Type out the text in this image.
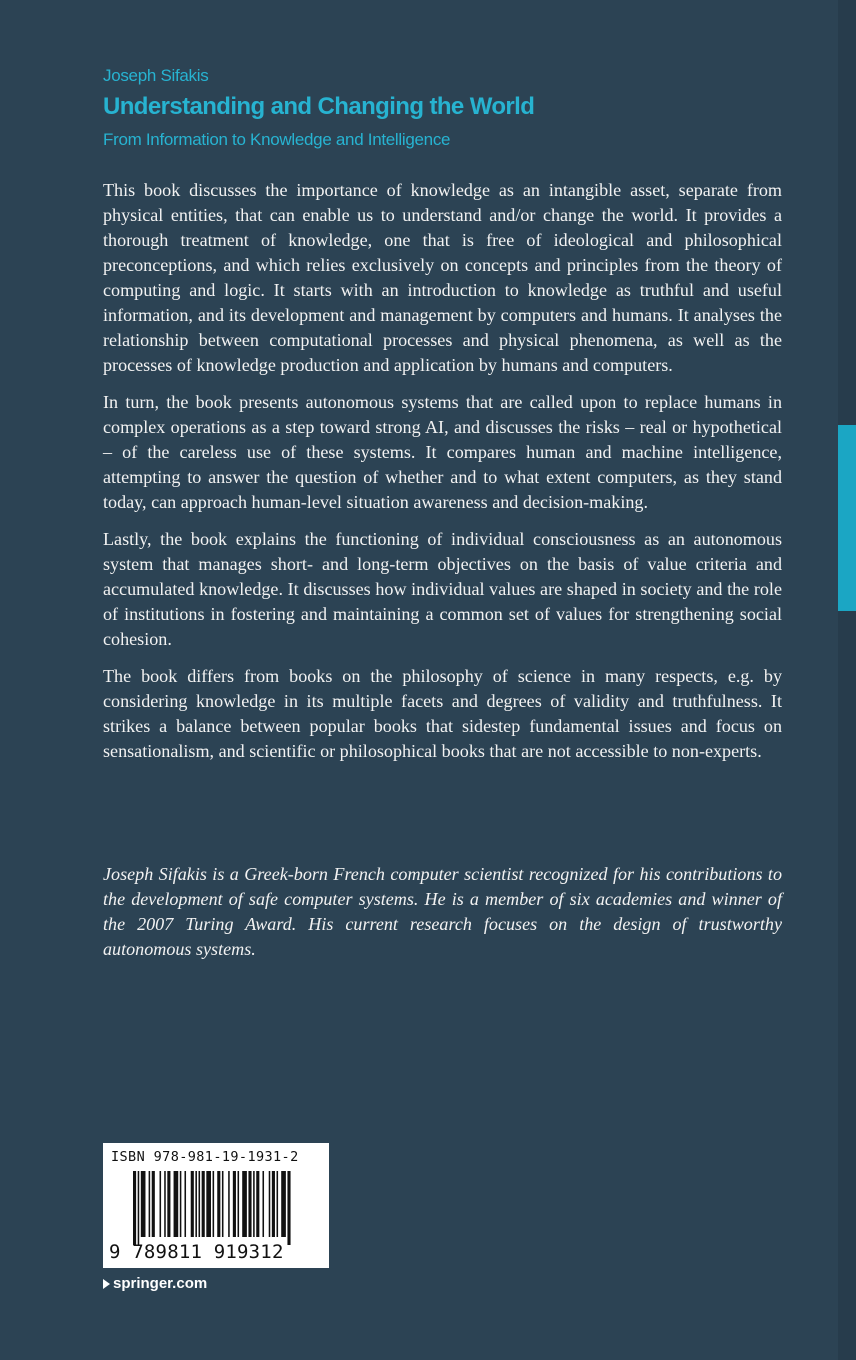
Joseph Sifakis
Understanding and Changing the World
From Information to Knowledge and Intelligence

This book discusses the importance of knowledge as an intangible asset, separate from physical entities, that can enable us to understand and/or change the world. It provides a thorough treatment of knowledge, one that is free of ideological and philosophical preconceptions, and which relies exclusively on concepts and principles from the theory of computing and logic. It starts with an introduction to knowledge as truthful and useful information, and its development and management by computers and humans. It analyses the relationship between computational processes and physical phenomena, as well as the processes of knowledge production and application by humans and computers.

In turn, the book presents autonomous systems that are called upon to replace humans in complex operations as a step toward strong AI, and discusses the risks – real or hypothetical – of the careless use of these systems. It compares human and machine intelligence, attempting to answer the question of whether and to what extent computers, as they stand today, can approach human-level situation awareness and decision-making.

Lastly, the book explains the functioning of individual consciousness as an autonomous system that manages short- and long-term objectives on the basis of value criteria and accumulated knowledge. It discusses how individual values are shaped in society and the role of institutions in fostering and maintaining a common set of values for strengthening social cohesion.

The book differs from books on the philosophy of science in many respects, e.g. by considering knowledge in its multiple facets and degrees of validity and truthfulness. It strikes a balance between popular books that sidestep fundamental issues and focus on sensationalism, and scientific or philosophical books that are not accessible to non-experts.

Joseph Sifakis is a Greek-born French computer scientist recognized for his contributions to the development of safe computer systems. He is a member of six academies and winner of the 2007 Turing Award. His current research focuses on the design of trustworthy autonomous systems.
ISBN 978-981-19-1931-2
9 789811 919312
springer.com
